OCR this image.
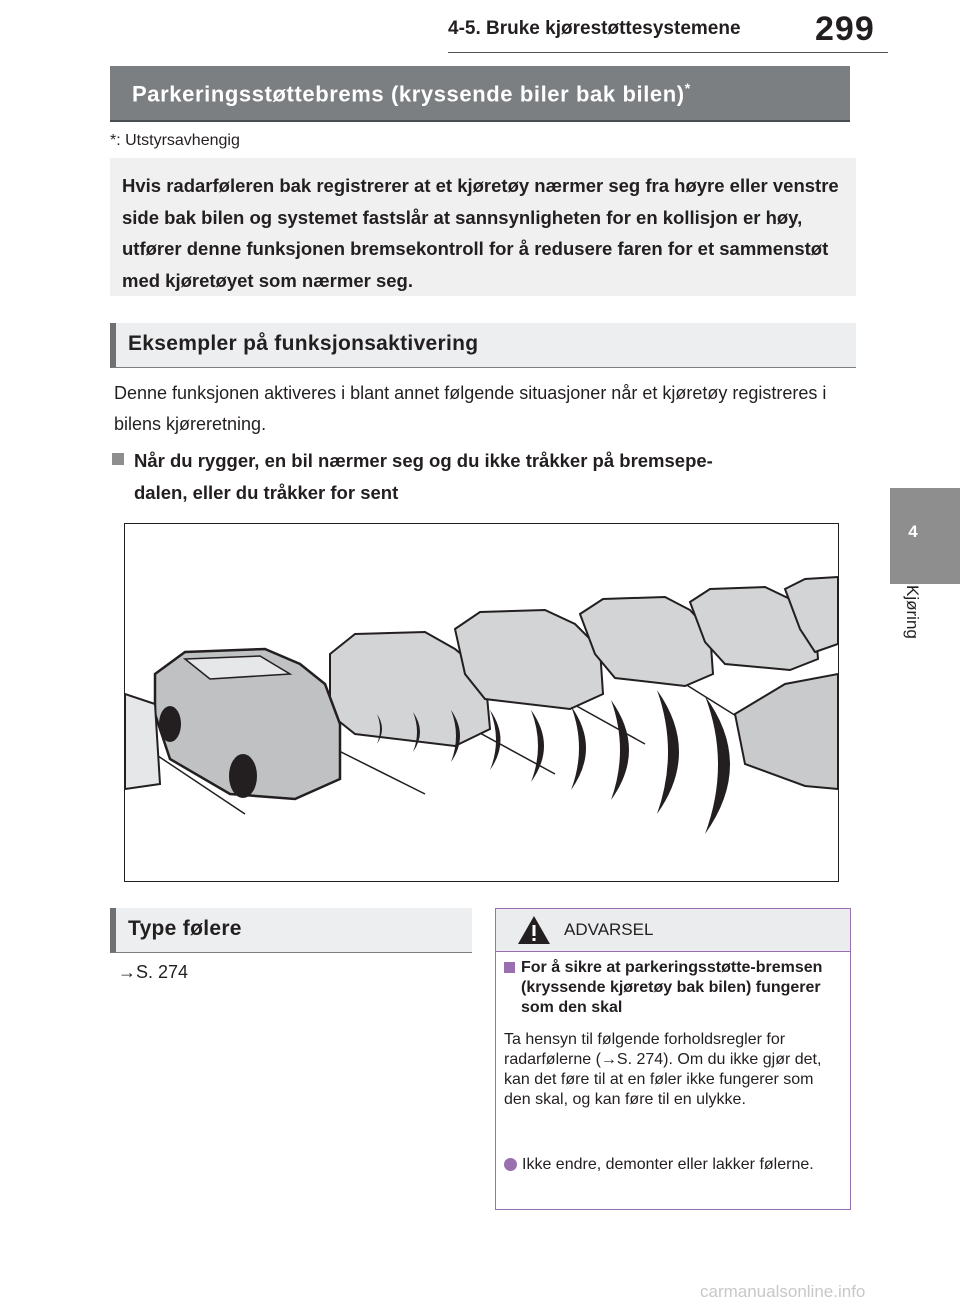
4-5. Bruke kjørestøttesystemene 299
4
Kjøring
Parkeringsstøttebrems (kryssende biler bak bilen)*
*: Utstyrsavhengig
Hvis radarføleren bak registrerer at et kjøretøy nærmer seg fra høyre eller venstre side bak bilen og systemet fastslår at sannsynligheten for en kollisjon er høy, utfører denne funksjonen bremsekontroll for å redusere faren for et sammenstøt med kjøretøyet som nærmer seg.
Eksempler på funksjonsaktivering
Denne funksjonen aktiveres i blant annet følgende situasjoner når et kjøretøy registreres i bilens kjøreretning.
Når du rygger, en bil nærmer seg og du ikke tråkker på bremsepe-
dalen, eller du tråkker for sent
Type følere
→S. 274
ADVARSEL
For å sikre at parkeringsstøtte-bremsen (kryssende kjøretøy bak bilen) fungerer som den skal
Ta hensyn til følgende forholdsregler for radarfølerne (→S. 274). Om du ikke gjør det, kan det føre til at en føler ikke fungerer som den skal, og kan føre til en ulykke.
Ikke endre, demonter eller lakker følerne.
carmanualsonline.info
